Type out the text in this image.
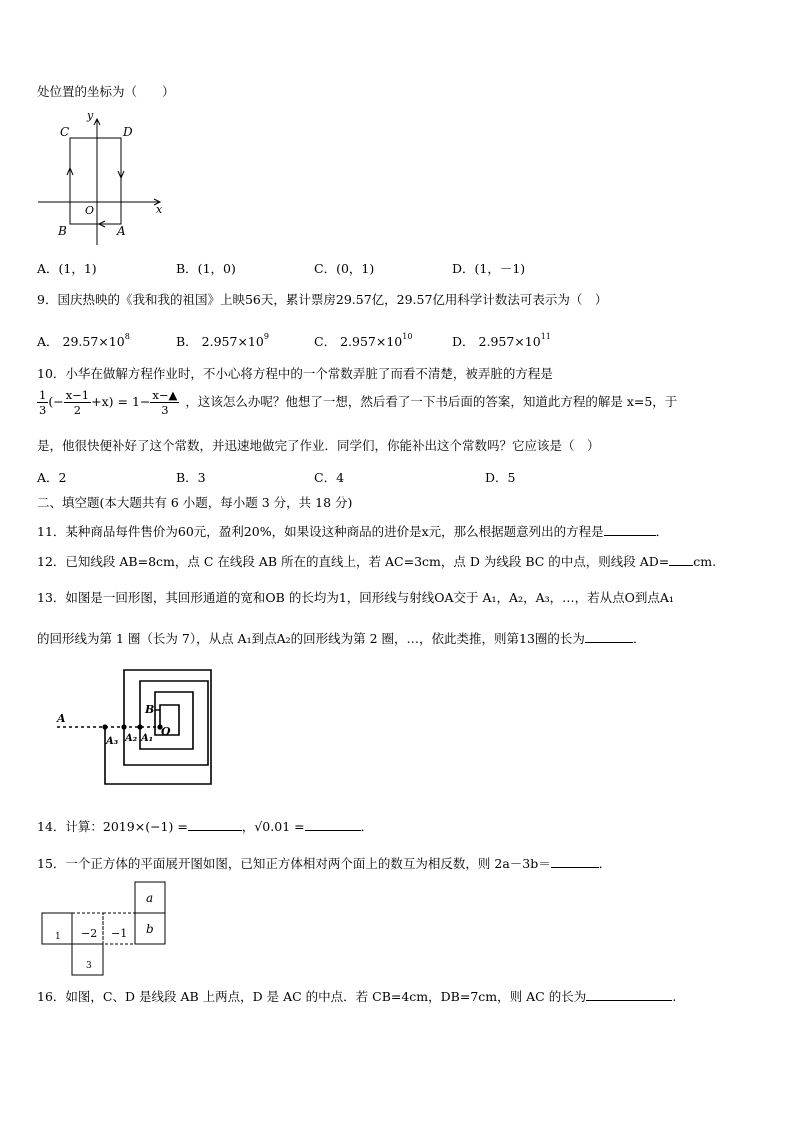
处位置的坐标为（　　）
C	D
y
x
O
B	A
A．(1，1)	B．(1，0)	C．(0，1)	D．(1，－1)
9．国庆热映的《我和我的祖国》上映56天，累计票房29.57亿，29.57亿用科学计数法可表示为（　）
A． $29.57\times 10^8$	B． $2.957\times 10^9$	C． $2.957\times 10^{10}$	D． $2.957\times 10^{11}$
10．小华在做解方程作业时，不小心将方程中的一个常数弄脏了而看不清楚，被弄脏的方程是
$\frac{1}{3}$ (− $\frac{x-1}{2} +x) = 1- \frac{x-▲}{3}$ ，这该怎么办呢？他想了一想，然后看了一下书后面的答案，知道此方程的解是 x=5，于
是，他很快便补好了这个常数，并迅速地做完了作业．同学们，你能补出这个常数吗？它应该是（　）
A．2	B．3	C．4	D．5
二、填空题(本大题共有 6 小题，每小题 3 分，共 18 分)
11．某种商品每件售价为60元，盈利20%，如果设这种商品的进价是x元，那么根据题意列出的方程是	．
12．已知线段 AB=8cm，点 C 在线段 AB 所在的直线上，若 AC=3cm，点 D 为线段 BC 的中点，则线段 AD= cm.
13．如图是一回形图，其回形通道的宽和OB 的长均为1，回形线与射线OA交于 A₁，A₂，A₃，…，若从点O到点A₁
的回形线为第 1 圈（长为 7），从点 A₁到点A₂的回形线为第 2 圈，…，依此类推，则第13圈的长为	．
A
B
O
A₁
A₂
A₃
14．计算：2019×(−1) =	，√0.01 =	．
15．一个正方体的平面展开图如图，已知正方体相对两个面上的数互为相反数，则 2a－3b＝	．
a
b
1 −2 −1
3
16．如图，C、D 是线段 AB 上两点，D 是 AC 的中点．若 CB=4cm，DB=7cm，则 AC 的长为	.
